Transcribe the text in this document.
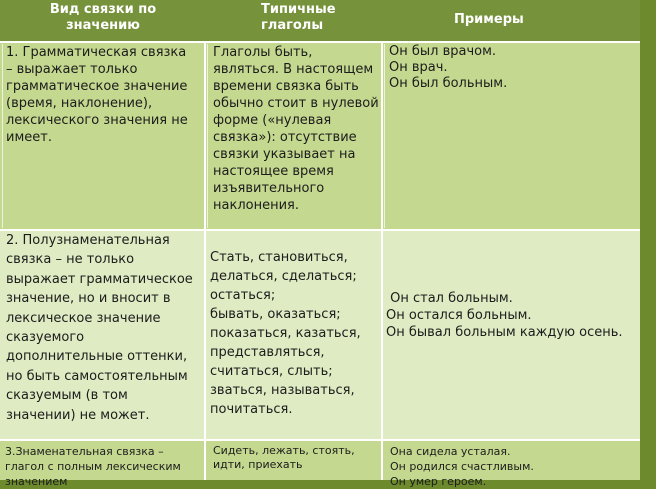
Вид связки по
значению
Типичные
глаголы	Примеры
1. Грамматическая связка – выражает только грамматическое значение (время, наклонение), лексического значения не имеет.
Глаголы быть, являться. В настоящем времени связка быть обычно стоит в нулевой форме («нулевая связка»): отсутствие связки указывает на настоящее время изъявительного наклонения.
Он был врачом.
Он врач.
Он был больным.
2. Полузнаменательная связка – не только выражает грамматическое значение, но и вносит в лексическое значение сказуемого дополнительные оттенки, но быть самостоятельным сказуемым (в том значении) не может.
Стать, становиться, делаться, сделаться;
остаться;
бывать, оказаться; показаться, казаться, представляться, считаться, слыть;
зваться, называться, почитаться.
Он стал больным.
Он остался больным.
Он бывал больным каждую осень.
3.Знаменательная связка – глагол с полным лексическим значением
Сидеть, лежать, стоять,
идти, приехать
Она сидела усталая.
Он родился счастливым.
Он умер героем.
